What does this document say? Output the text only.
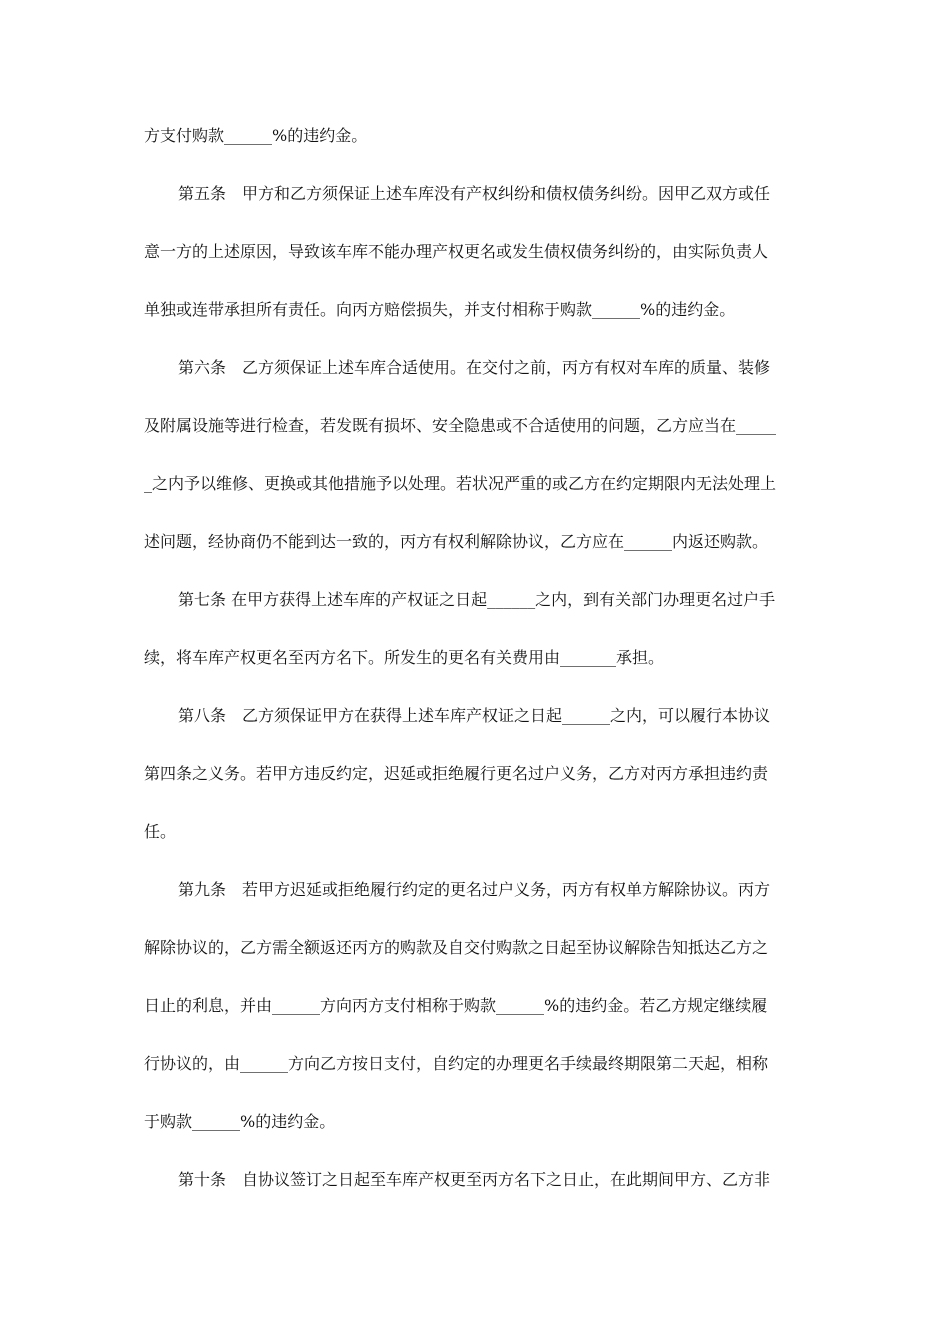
方支付购款______%的违约金。
第五条　甲方和乙方须保证上述车库没有产权纠纷和债权债务纠纷。因甲乙双方或任
意一方的上述原因，导致该车库不能办理产权更名或发生债权债务纠纷的，由实际负责人
单独或连带承担所有责任。向丙方赔偿损失，并支付相称于购款______%的违约金。
第六条　乙方须保证上述车库合适使用。在交付之前，丙方有权对车库的质量、装修
及附属设施等进行检查，若发既有损坏、安全隐患或不合适使用的问题，乙方应当在_____
_之内予以维修、更换或其他措施予以处理。若状况严重的或乙方在约定期限内无法处理上
述问题，经协商仍不能到达一致的，丙方有权利解除协议，乙方应在______内返还购款。
第七条 在甲方获得上述车库的产权证之日起______之内，到有关部门办理更名过户手
续，将车库产权更名至丙方名下。所发生的更名有关费用由_______承担。
第八条　乙方须保证甲方在获得上述车库产权证之日起______之内，可以履行本协议
第四条之义务。若甲方违反约定，迟延或拒绝履行更名过户义务，乙方对丙方承担违约责
任。
第九条　若甲方迟延或拒绝履行约定的更名过户义务，丙方有权单方解除协议。丙方
解除协议的，乙方需全额返还丙方的购款及自交付购款之日起至协议解除告知抵达乙方之
日止的利息，并由______方向丙方支付相称于购款______%的违约金。若乙方规定继续履
行协议的，由______方向乙方按日支付，自约定的办理更名手续最终期限第二天起，相称
于购款______%的违约金。
第十条　自协议签订之日起至车库产权更至丙方名下之日止，在此期间甲方、乙方非
